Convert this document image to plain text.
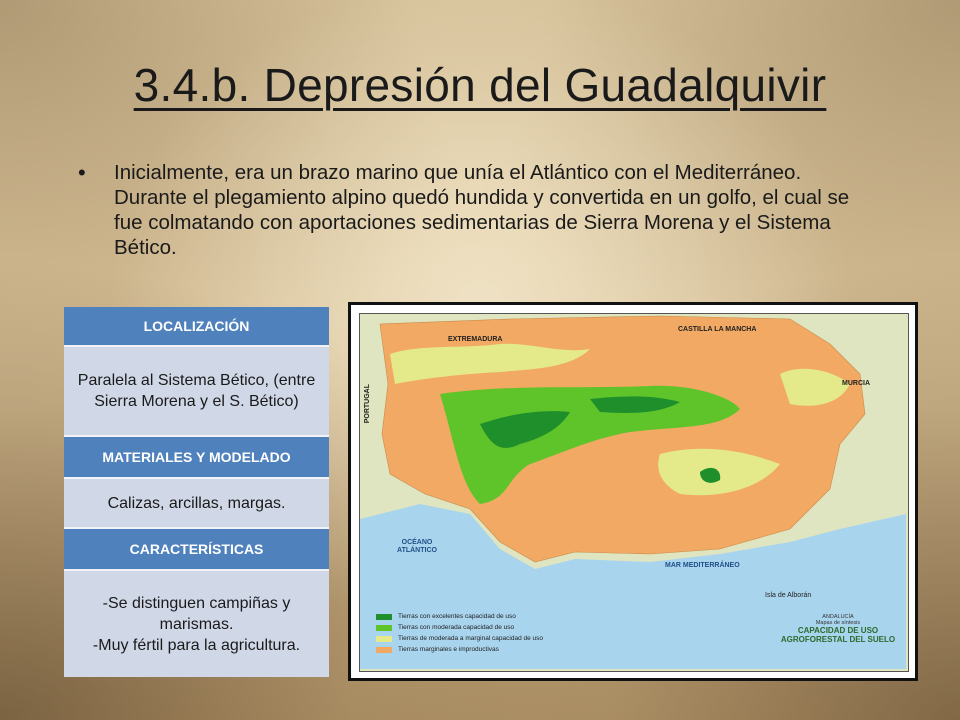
3.4.b. Depresión del Guadalquivir
• Inicialmente, era un brazo marino que unía el Atlántico con el Mediterráneo. Durante el plegamiento alpino quedó hundida y convertida en un golfo, el cual se fue colmatando con aportaciones sedimentarias de Sierra Morena y el Sistema Bético.
LOCALIZACIÓN
Paralela al Sistema Bético, (entre Sierra Morena y el S. Bético)
MATERIALES Y MODELADO
Calizas, arcillas, margas.
CARACTERÍSTICAS
-Se distinguen campiñas y marismas.
-Muy fértil para la agricultura.
EXTREMADURA
CASTILLA LA MANCHA
PORTUGAL
MURCIA
OCÉANO ATLÁNTICO
MAR MEDITERRÁNEO
Isla de Alborán
Tierras con excelentes capacidad de uso
Tierras con moderada capacidad de uso
Tierras de moderada a marginal capacidad de uso
Tierras marginales e improductivas
ANDALUCÍA
Mapas de síntesis
CAPACIDAD DE USO
AGROFORESTAL DEL SUELO
